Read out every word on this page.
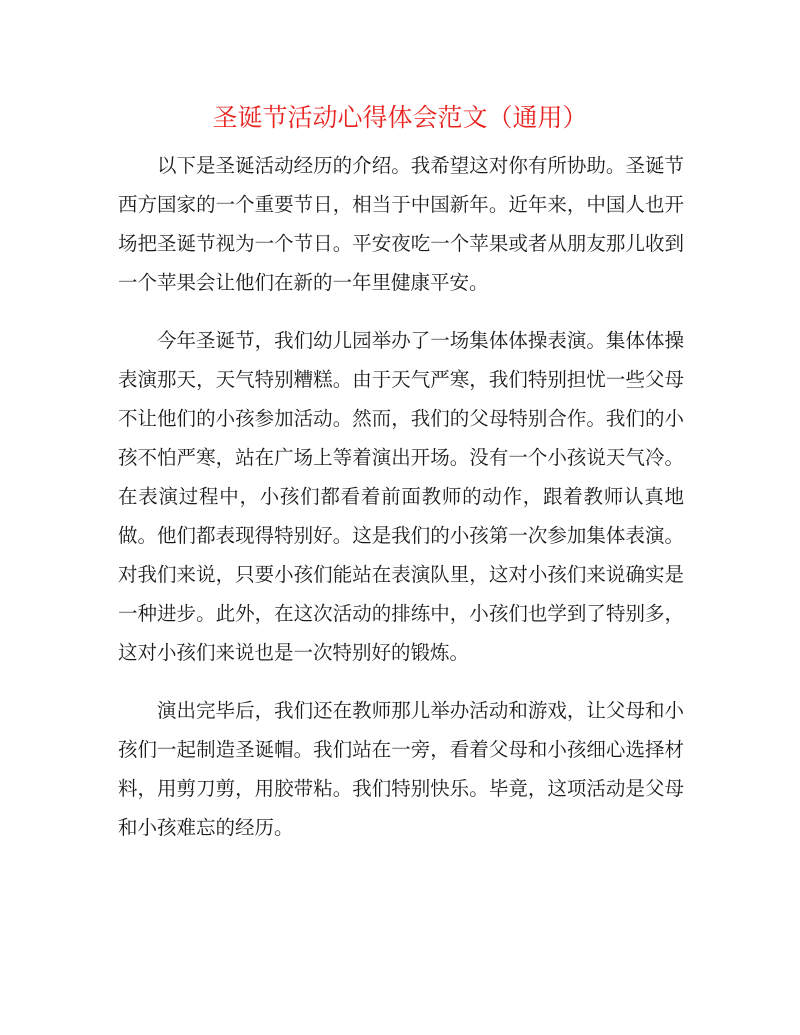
圣诞节活动心得体会范文（通用）

以下是圣诞活动经历的介绍。我希望这对你有所协助。圣诞节西方国家的一个重要节日，相当于中国新年。近年来，中国人也开场把圣诞节视为一个节日。平安夜吃一个苹果或者从朋友那儿收到一个苹果会让他们在新的一年里健康平安。

今年圣诞节，我们幼儿园举办了一场集体体操表演。集体体操表演那天，天气特别糟糕。由于天气严寒，我们特别担忧一些父母不让他们的小孩参加活动。然而，我们的父母特别合作。我们的小孩不怕严寒，站在广场上等着演出开场。没有一个小孩说天气冷。在表演过程中，小孩们都看着前面教师的动作，跟着教师认真地做。他们都表现得特别好。这是我们的小孩第一次参加集体表演。对我们来说，只要小孩们能站在表演队里，这对小孩们来说确实是一种进步。此外，在这次活动的排练中，小孩们也学到了特别多，这对小孩们来说也是一次特别好的锻炼。

演出完毕后，我们还在教师那儿举办活动和游戏，让父母和小孩们一起制造圣诞帽。我们站在一旁，看着父母和小孩细心选择材料，用剪刀剪，用胶带粘。我们特别快乐。毕竟，这项活动是父母和小孩难忘的经历。
